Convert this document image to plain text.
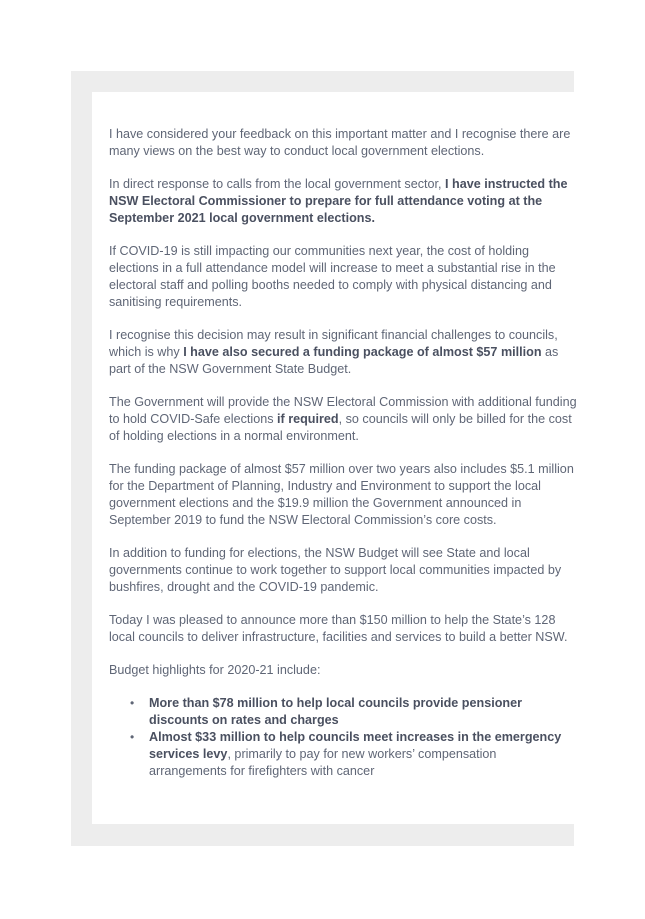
I have considered your feedback on this important matter and I recognise there are many views on the best way to conduct local government elections.

In direct response to calls from the local government sector, I have instructed the NSW Electoral Commissioner to prepare for full attendance voting at the September 2021 local government elections.

If COVID-19 is still impacting our communities next year, the cost of holding elections in a full attendance model will increase to meet a substantial rise in the electoral staff and polling booths needed to comply with physical distancing and sanitising requirements.

I recognise this decision may result in significant financial challenges to councils, which is why I have also secured a funding package of almost $57 million as part of the NSW Government State Budget.

The Government will provide the NSW Electoral Commission with additional funding to hold COVID-Safe elections if required, so councils will only be billed for the cost of holding elections in a normal environment.

The funding package of almost $57 million over two years also includes $5.1 million for the Department of Planning, Industry and Environment to support the local government elections and the $19.9 million the Government announced in September 2019 to fund the NSW Electoral Commission’s core costs.

In addition to funding for elections, the NSW Budget will see State and local governments continue to work together to support local communities impacted by bushfires, drought and the COVID-19 pandemic.

Today I was pleased to announce more than $150 million to help the State’s 128 local councils to deliver infrastructure, facilities and services to build a better NSW.

Budget highlights for 2020-21 include:

• More than $78 million to help local councils provide pensioner discounts on rates and charges
• Almost $33 million to help councils meet increases in the emergency services levy, primarily to pay for new workers’ compensation arrangements for firefighters with cancer
